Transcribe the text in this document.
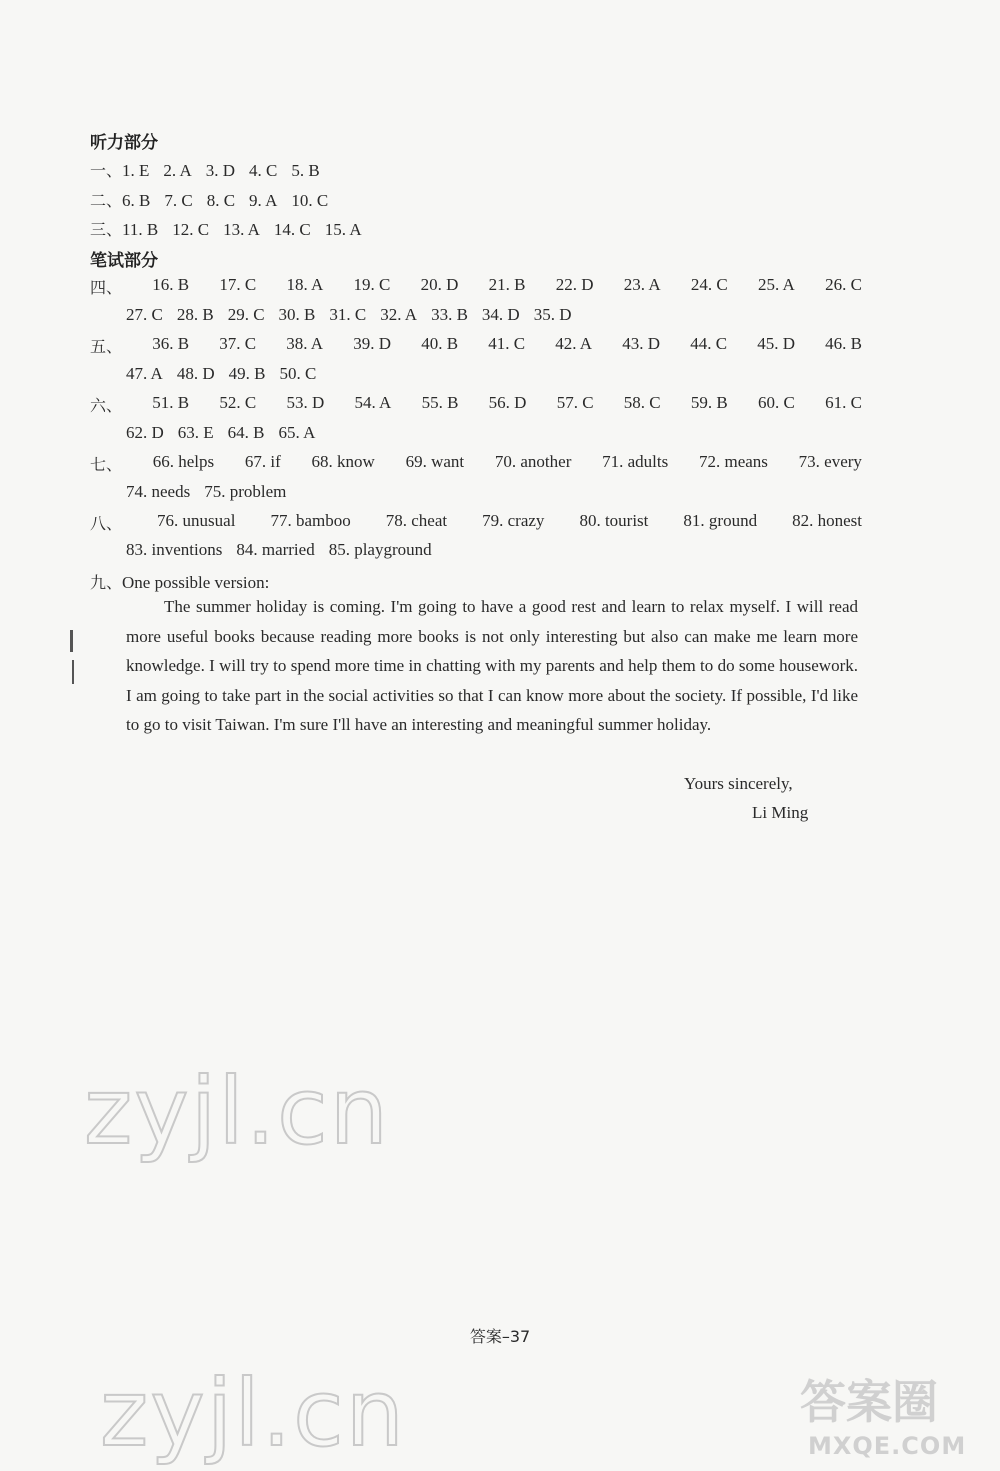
听力部分
一、1. E 2. A 3. D 4. C 5. B
二、6. B 7. C 8. C 9. A 10. C
三、11. B 12. C 13. A 14. C 15. A
笔试部分
四、 16. B 17. C 18. A 19. C 20. D 21. B 22. D 23. A 24. C 25. A 26. C
27. C 28. B 29. C 30. B 31. C 32. A 33. B 34. D 35. D
五、 36. B 37. C 38. A 39. D 40. B 41. C 42. A 43. D 44. C 45. D 46. B
47. A 48. D 49. B 50. C
六、 51. B 52. C 53. D 54. A 55. B 56. D 57. C 58. C 59. B 60. C 61. C
62. D 63. E 64. B 65. A
七、 66. helps 67. if 68. know 69. want 70. another 71. adults 72. means 73. every
74. needs 75. problem
八、 76. unusual 77. bamboo 78. cheat 79. crazy 80. tourist 81. ground 82. honest
83. inventions 84. married 85. playground
九、One possible version:
The summer holiday is coming. I'm going to have a good rest and learn to relax myself. I will read more useful books because reading more books is not only interesting but also can make me learn more knowledge. I will try to spend more time in chatting with my parents and help them to do some housework. I am going to take part in the social activities so that I can know more about the society. If possible, I'd like to go to visit Taiwan. I'm sure I'll have an interesting and meaningful summer holiday.
Yours sincerely,
Li Ming
答案–37
zyjl.cn
zyjl.cn	答案圈
MXQE.COM
